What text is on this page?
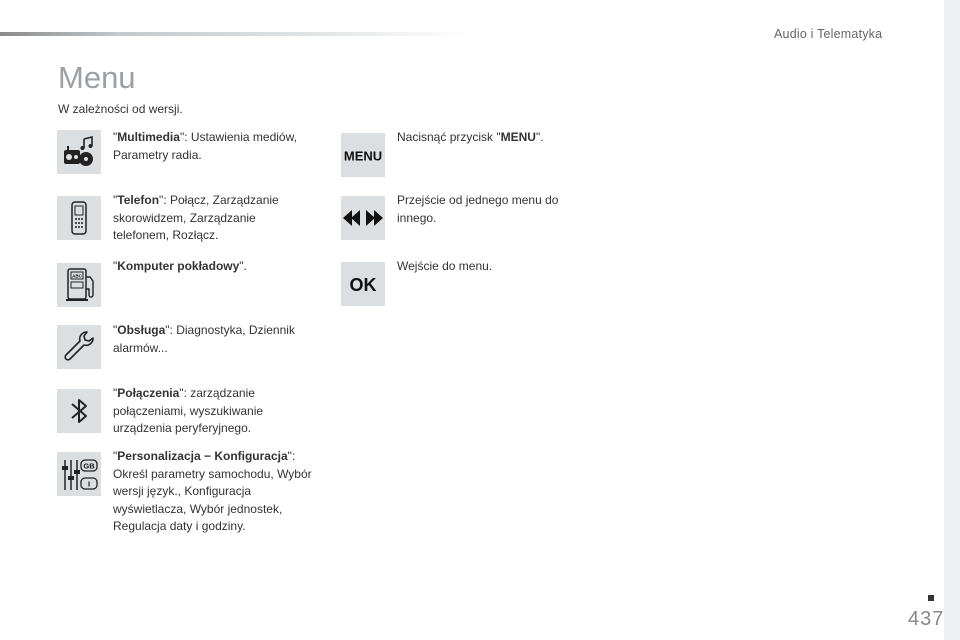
Audio i Telematyka
Menu
W zależności od wersji.
"Multimedia": Ustawienia mediów, Parametry radia.
"Telefon": Połącz, Zarządzanie skorowidzem, Zarządzanie telefonem, Rozłącz.
ABC
"Komputer pokładowy".
"Obsługa": Diagnostyka, Dziennik alarmów...
"Połączenia": zarządzanie połączeniami, wyszukiwanie urządzenia peryferyjnego.
GB
I
"Personalizacja − Konfiguracja": Określ parametry samochodu, Wybór wersji język., Konfiguracja wyświetlacza, Wybór jednostek, Regulacja daty i godziny.
MENU
Nacisnąć przycisk "MENU".
Przejście od jednego menu do innego.
OK
Wejście do menu.
437
